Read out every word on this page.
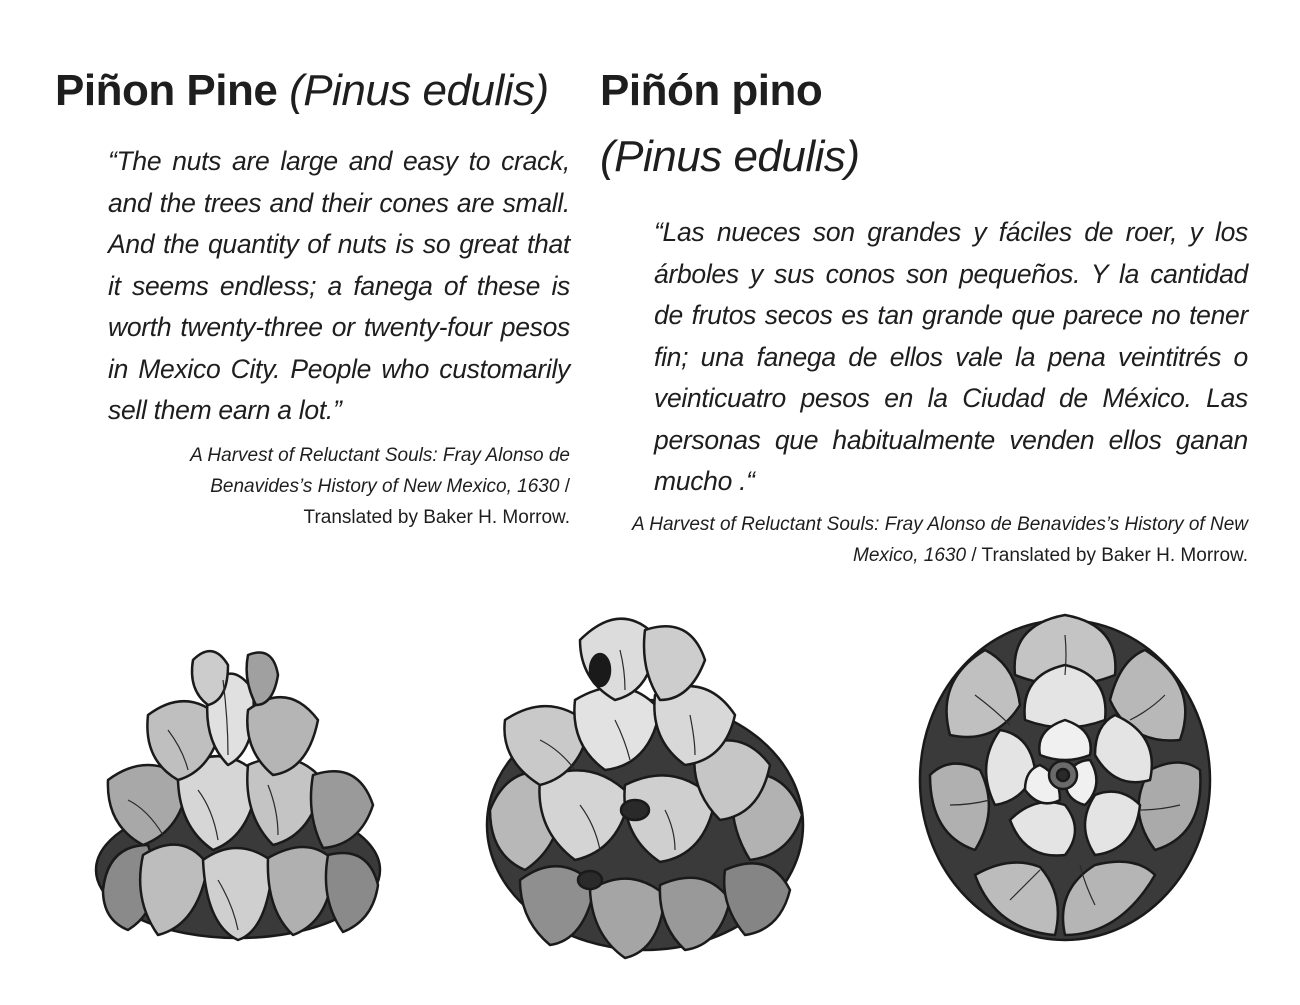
Piñon Pine (Pinus edulis)

“The nuts are large and easy to crack, and the trees and their cones are small. And the quantity of nuts is so great that it seems endless; a fanega of these is worth twenty-three or twenty-four pesos in Mexico City. People who customarily sell them earn a lot.”

A Harvest of Reluctant Souls: Fray Alonso de Benavides’s History of New Mexico, 1630 / Translated by Baker H. Morrow.

Piñón pino
(Pinus edulis)

“Las nueces son grandes y fáciles de roer, y los árboles y sus conos son pequeños. Y la cantidad de frutos secos es tan grande que parece no tener fin; una fanega de ellos vale la pena veintitrés o veinticuatro pesos en la Ciudad de México. Las personas que habitualmente venden ellos ganan mucho .“

A Harvest of Reluctant Souls: Fray Alonso de Benavides’s History of New Mexico, 1630 / Translated by Baker H. Morrow.
